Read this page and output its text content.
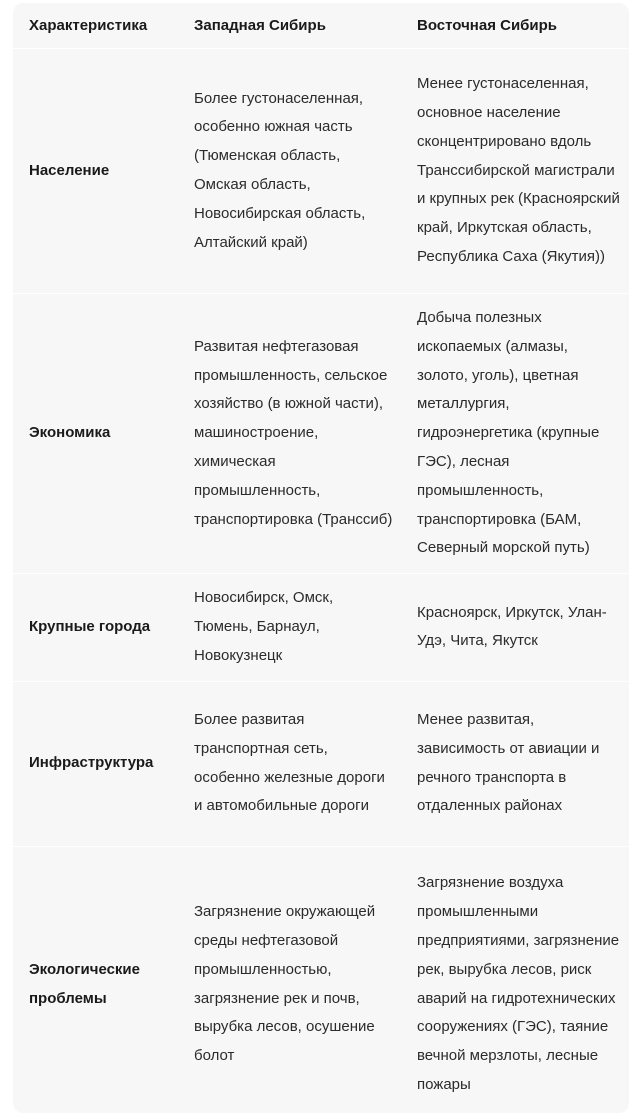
Характеристика	Западная Сибирь	Восточная Сибирь
Население	Более густонаселенная, особенно южная часть (Тюменская область, Омская область, Новосибирская область, Алтайский край)	Менее густонаселенная, основное население сконцентрировано вдоль Транссибирской магистрали и крупных рек (Красноярский край, Иркутская область, Республика Саха (Якутия))
Экономика	Развитая нефтегазовая промышленность, сельское хозяйство (в южной части), машиностроение, химическая промышленность, транспортировка (Транссиб)	Добыча полезных ископаемых (алмазы, золото, уголь), цветная металлургия, гидроэнергетика (крупные ГЭС), лесная промышленность, транспортировка (БАМ, Северный морской путь)
Крупные города	Новосибирск, Омск, Тюмень, Барнаул, Новокузнецк	Красноярск, Иркутск, Улан-Удэ, Чита, Якутск
Инфраструктура	Более развитая транспортная сеть, особенно железные дороги и автомобильные дороги	Менее развитая, зависимость от авиации и речного транспорта в отдаленных районах
Экологические проблемы	Загрязнение окружающей среды нефтегазовой промышленностью, загрязнение рек и почв, вырубка лесов, осушение болот	Загрязнение воздуха промышленными предприятиями, загрязнение рек, вырубка лесов, риск аварий на гидротехнических сооружениях (ГЭС), таяние вечной мерзлоты, лесные пожары
